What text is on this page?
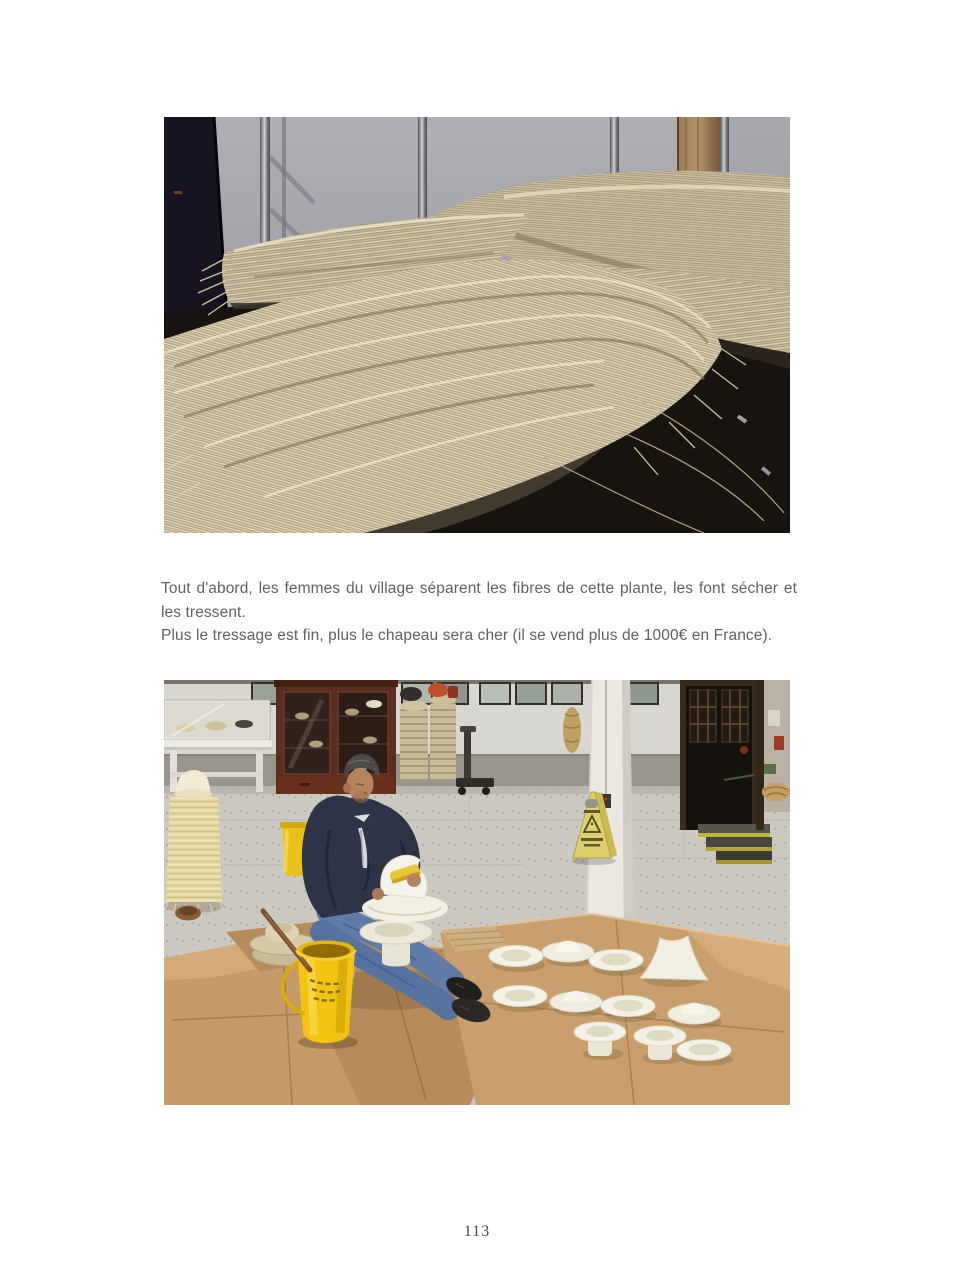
Tout d'abord, les femmes du village séparent les fibres de cette plante, les font sécher et les tressent.

Plus le tressage est fin, plus le chapeau sera cher (il se vend plus de 1000€ en France).

113
